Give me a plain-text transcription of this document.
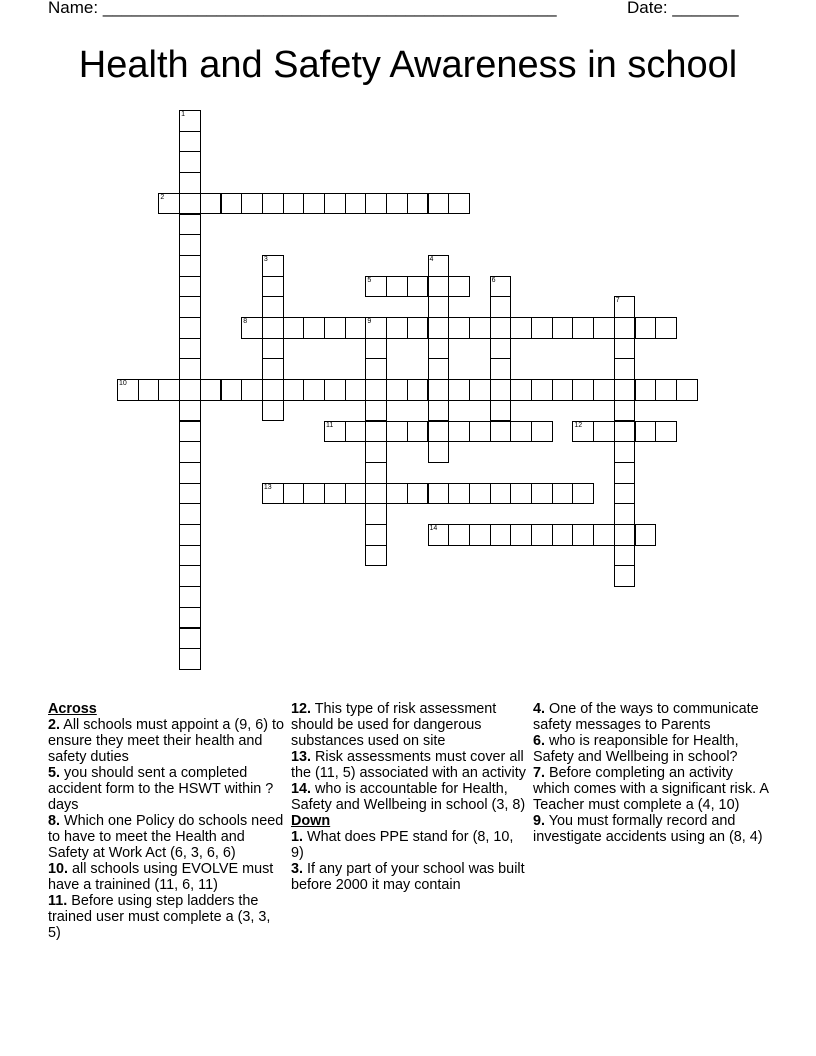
Name: ________________________________________________	Date: _______
Health and Safety Awareness in school
1
2
3	4
5	6
7
8	9
10
11	12
13
14
Across
2. All schools must appoint a (9, 6) to ensure they meet their health and safety duties
5. you should sent a completed accident form to the HSWT within ? days
8. Which one Policy do schools need to have to meet the Health and Safety at Work Act (6, 3, 6, 6)
10. all schools using EVOLVE must have a trainined (11, 6, 11)
11. Before using step ladders the trained user must complete a (3, 3, 5)
12. This type of risk assessment should be used for dangerous substances used on site
13. Risk assessments must cover all the (11, 5) associated with an activity
14. who is accountable for Health, Safety and Wellbeing in school (3, 8)
Down
1. What does PPE stand for (8, 10, 9)
3. If any part of your school was built before 2000 it may contain
4. One of the ways to communicate safety messages to Parents
6. who is reaponsible for Health, Safety and Wellbeing in school?
7. Before completing an activity which comes with a significant risk. A Teacher must complete a (4, 10)
9. You must formally record and investigate accidents using an (8, 4)
